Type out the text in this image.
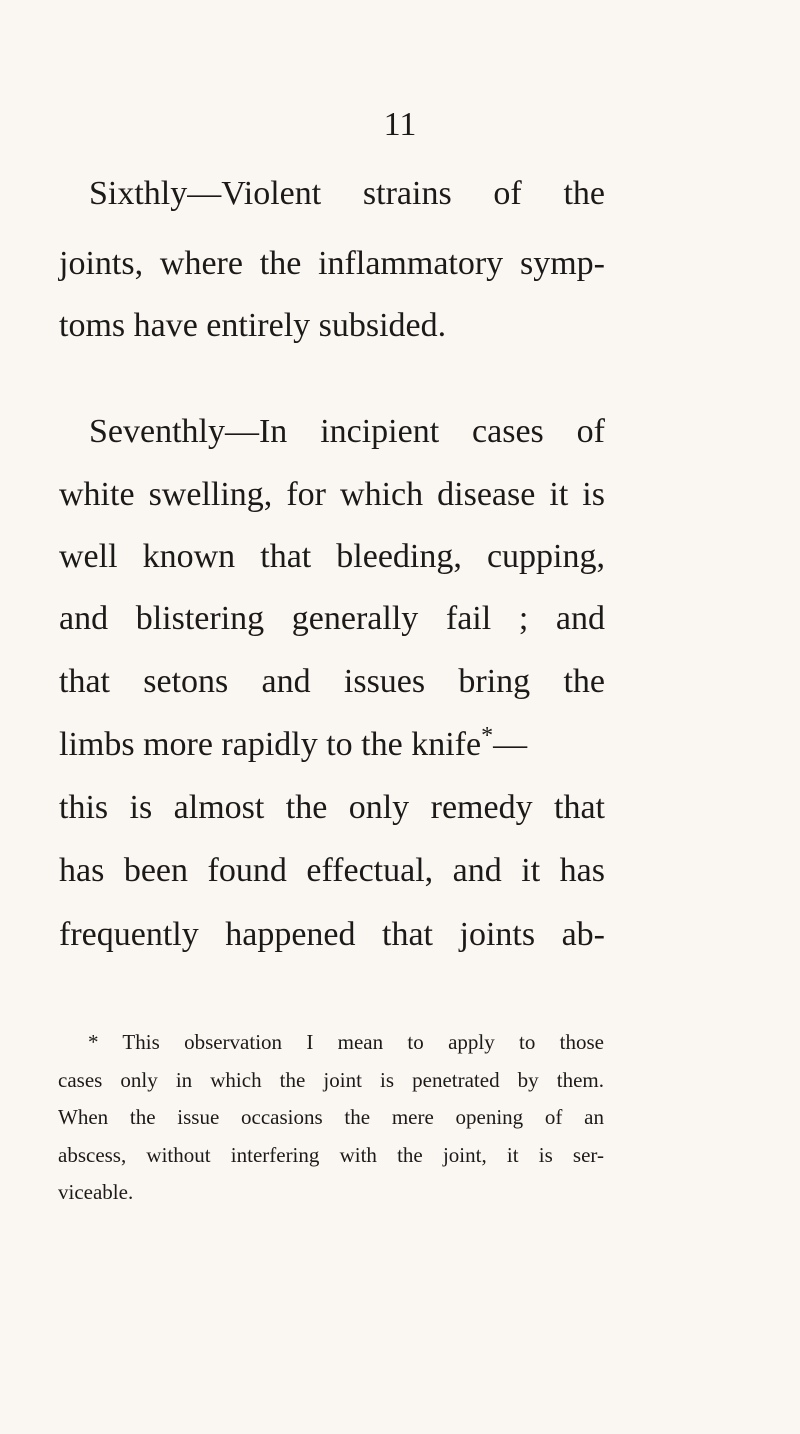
11
Sixthly—Violent strains of the
joints, where the inflammatory symp-
toms have entirely subsided.
Seventhly—In incipient cases of
white swelling, for which disease it is
well known that bleeding, cupping,
and blistering generally fail ; and
that setons and issues bring the
limbs more rapidly to the knife*—
this is almost the only remedy that
has been found effectual, and it has
frequently happened that joints ab-
* This observation I mean to apply to those
cases only in which the joint is penetrated by them.
When the issue occasions the mere opening of an
abscess, without interfering with the joint, it is ser-
viceable.
